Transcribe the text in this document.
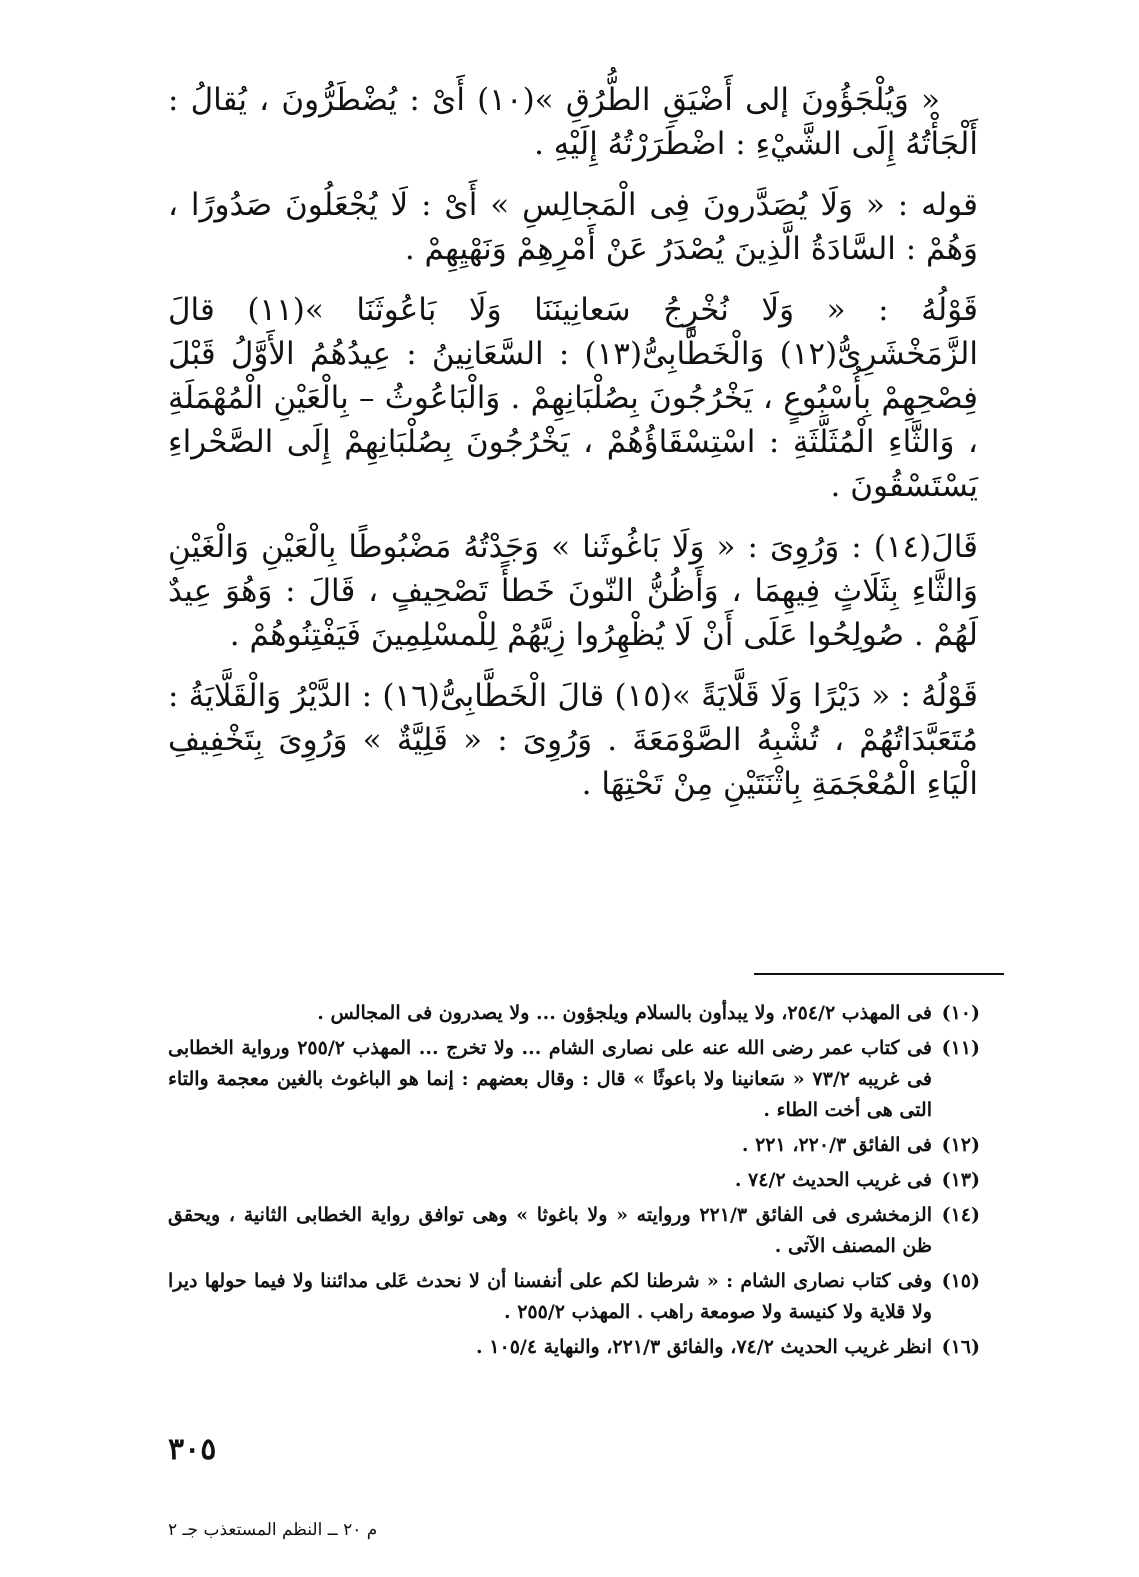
« وَيُلْجَؤُونَ إلى أَضْيَقِ الطُّرُقِ »(١٠) أَىْ : يُضْطَرُّونَ ، يُقالُ : أَلْجَأْتُهُ إِلَى الشَّيْءِ : اضْطَرَرْتُهُ إِلَيْهِ .

قوله : « وَلَا يُصَدَّرونَ فِى الْمَجالِسِ » أَىْ : لَا يُجْعَلُونَ صَدُورًا ، وَهُمْ : السَّادَةُ الَّذِينَ يُصْدَرُ عَنْ أَمْرِهِمْ وَنَهْيِهِمْ .

قَوْلُهُ : « وَلَا نُخْرِجُ سَعانِينَنَا وَلَا بَاعُوثَنَا »(١١) قالَ الزَّمَخْشَرِىُّ(١٢) وَالْخَطَّابِىُّ(١٣) : السَّعَانِينُ : عِيدُهُمُ الأَوَّلُ قَبْلَ فِصْحِهِمْ بِأُسْبُوعٍ ، يَخْرُجُونَ بِصُلْبَانِهِمْ . وَالْبَاعُوثُ – بِالْعَيْنِ الْمُهْمَلَةِ ، وَالثَّاءِ الْمُثَلَّثَةِ : اسْتِسْقَاؤُهُمْ ، يَخْرُجُونَ بِصُلْبَانِهِمْ إِلَى الصَّحْراءِ يَسْتَسْقُونَ .

قَالَ(١٤) : وَرُوِىَ : « وَلَا بَاغُوثَنا » وَجَدْتُهُ مَضْبُوطًا بِالْعَيْنِ وَالْغَيْنِ وَالثَّاءِ بِثَلَاثٍ فِيهِمَا ، وَأَظُنُّ النّونَ خَطأً تَصْحِيفٍ ، قَالَ : وَهُوَ عِيدٌ لَهُمْ . صُولِحُوا عَلَى أَنْ لَا يُظْهِرُوا زِيَّهُمْ لِلْمسْلِمِينَ فَيَفْتِنُوهُمْ .

قَوْلُهُ : « دَيْرًا وَلَا قَلَّايَةً »(١٥) قالَ الْخَطَّابِىُّ(١٦) : الدَّيْرُ وَالْقَلَّايَةُ : مُتَعَبَّدَاتُهُمْ ، تُشْبِهُ الصَّوْمَعَةَ . وَرُوِىَ : « قَلِيَّةٌ » وَرُوِىَ بِتَخْفِيفِ الْيَاءِ الْمُعْجَمَةِ بِاثْنَتَيْنِ مِنْ تَحْتِهَا .

(١٠)
فى المهذب ٢٥٤/٢، ولا يبدأون بالسلام ويلجؤون ... ولا يصدرون فى المجالس .
(١١)
فى كتاب عمر رضى الله عنه على نصارى الشام ... ولا تخرج ... المهذب ٢٥٥/٢ ورواية الخطابى فى غريبه ٧٣/٢ « سَعانينا ولا باعوثًا » قال : وقال بعضهم : إنما هو الباغوث بالغين معجمة والتاء التى هى أخت الطاء .
(١٢)
فى الفائق ٢٢٠/٣، ٢٢١ .
(١٣)
فى غريب الحديث ٧٤/٢ .
(١٤)
الزمخشرى فى الفائق ٢٢١/٣ وروايته « ولا باغوثا » وهى توافق رواية الخطابى الثانية ، ويحقق ظن المصنف الآتى .
(١٥)
وفى كتاب نصارى الشام : « شرطنا لكم على أنفسنا أن لا نحدث عَلى مدائننا ولا فيما حولها ديرا ولا قلاية ولا كنيسة ولا صومعة راهب . المهذب ٢٥٥/٢ .
(١٦)
انظر غريب الحديث ٧٤/٢، والفائق ٢٢١/٣، والنهاية ١٠٥/٤ .
٣٠٥
م ٢٠ ــ النظم المستعذب جـ ٢
